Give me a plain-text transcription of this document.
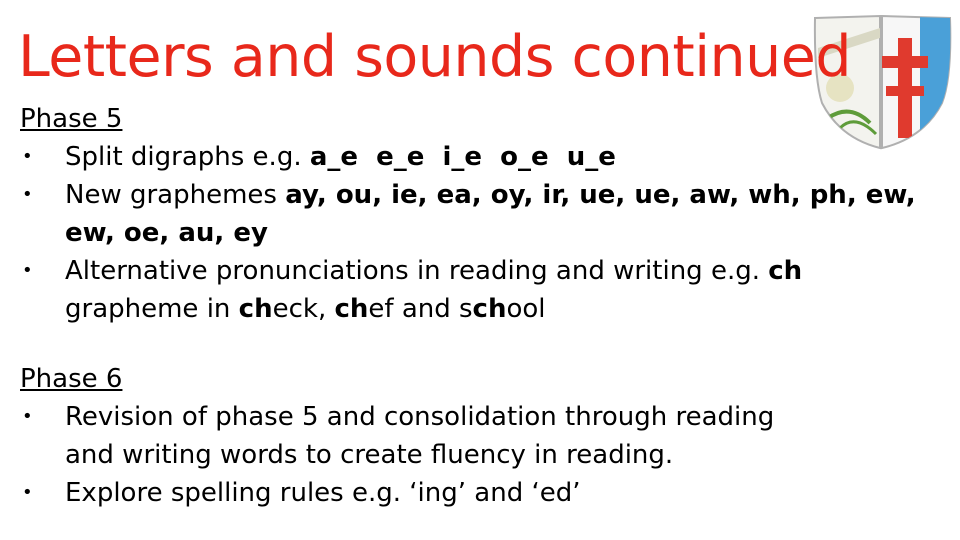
Letters and sounds continued

Phase 5

• Split digraphs e.g. a_e  e_e  i_e  o_e  u_e
• New graphemes ay, ou, ie, ea, oy, ir, ue, ue, aw, wh, ph, ew, ew, oe, au, ey
• Alternative pronunciations in reading and writing e.g. ch grapheme in check, chef and school

Phase 6

• Revision of phase 5 and consolidation through reading
and writing words to create fluency in reading.
• Explore spelling rules e.g. ‘ing’ and ‘ed’
